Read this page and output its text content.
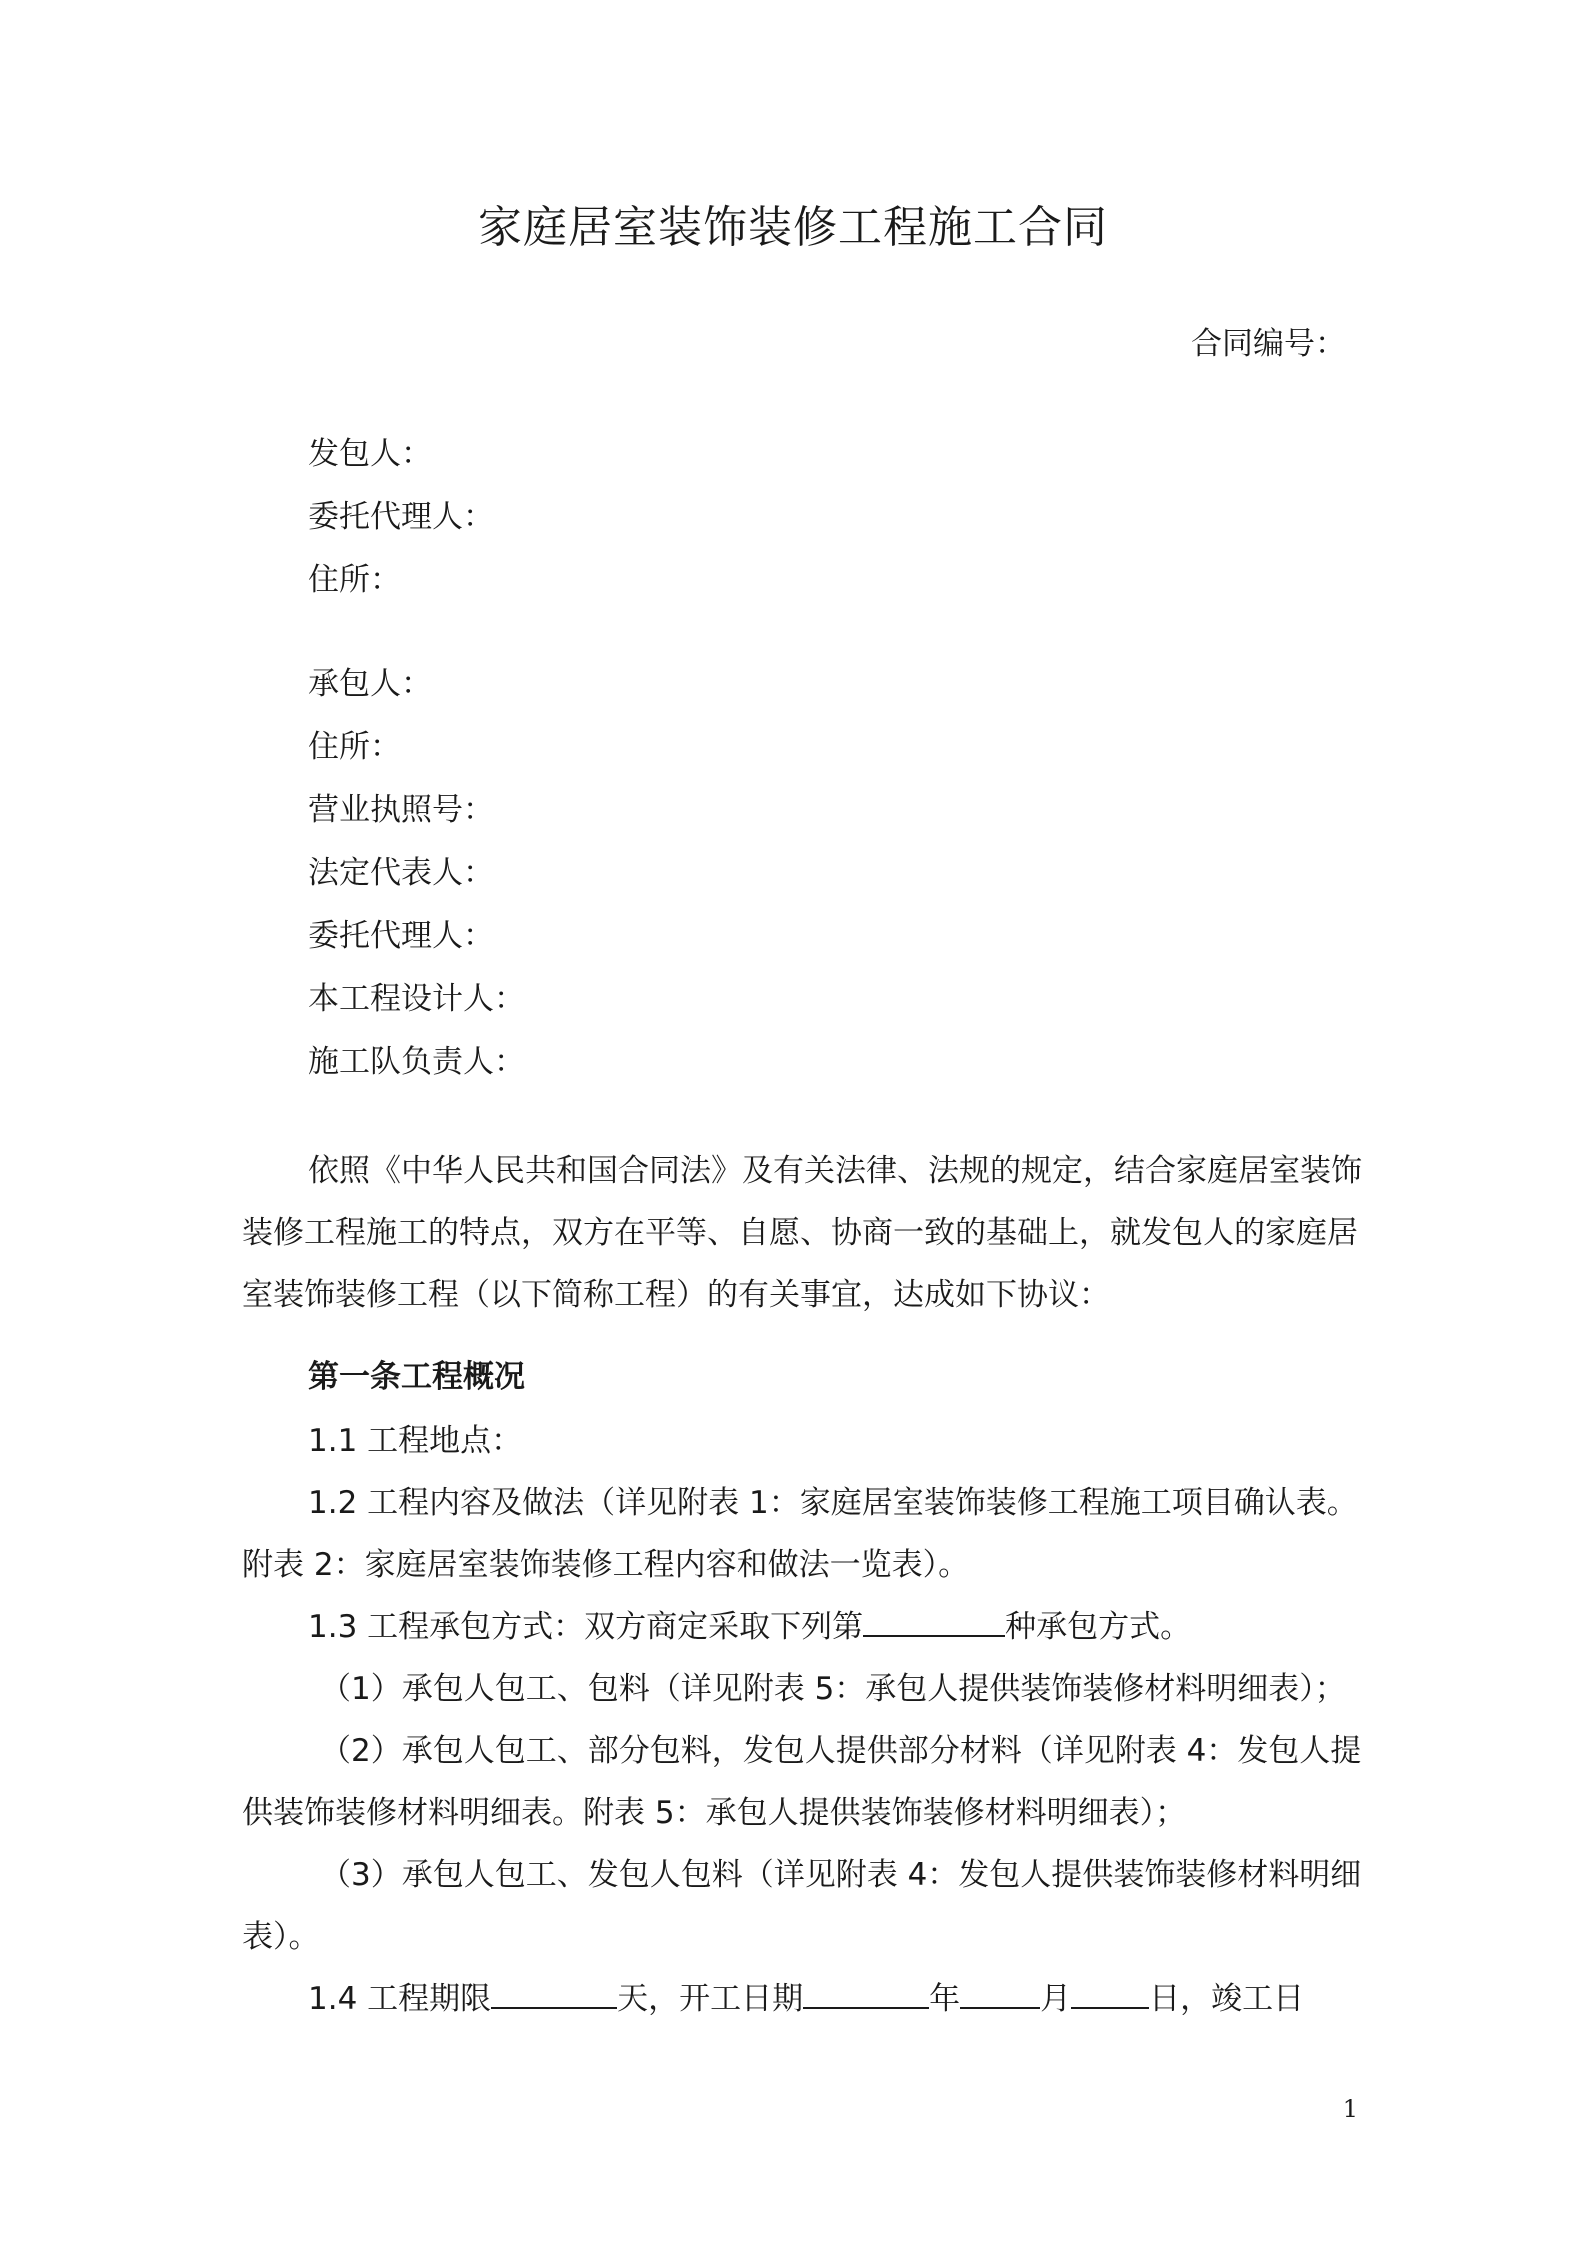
家庭居室装饰装修工程施工合同
合同编号：
发包人：
委托代理人：
住所：
承包人：
住所：
营业执照号：
法定代表人：
委托代理人：
本工程设计人：
施工队负责人：
依照《中华人民共和国合同法》及有关法律、法规的规定，结合家庭居室装饰装修工程施工的特点，双方在平等、自愿、协商一致的基础上，就发包人的家庭居室装饰装修工程（以下简称工程）的有关事宜，达成如下协议：
第一条工程概况
1.1 工程地点：
1.2 工程内容及做法（详见附表 1：家庭居室装饰装修工程施工项目确认表。附表 2：家庭居室装饰装修工程内容和做法一览表）。
1.3 工程承包方式：双方商定采取下列第	种承包方式。
（1）承包人包工、包料（详见附表 5：承包人提供装饰装修材料明细表）；
（2）承包人包工、部分包料，发包人提供部分材料（详见附表 4：发包人提供装饰装修材料明细表。附表 5：承包人提供装饰装修材料明细表）；
（3）承包人包工、发包人包料（详见附表 4：发包人提供装饰装修材料明细表）。
1.4 工程期限	天，开工日期	年	月	日，竣工日
1
